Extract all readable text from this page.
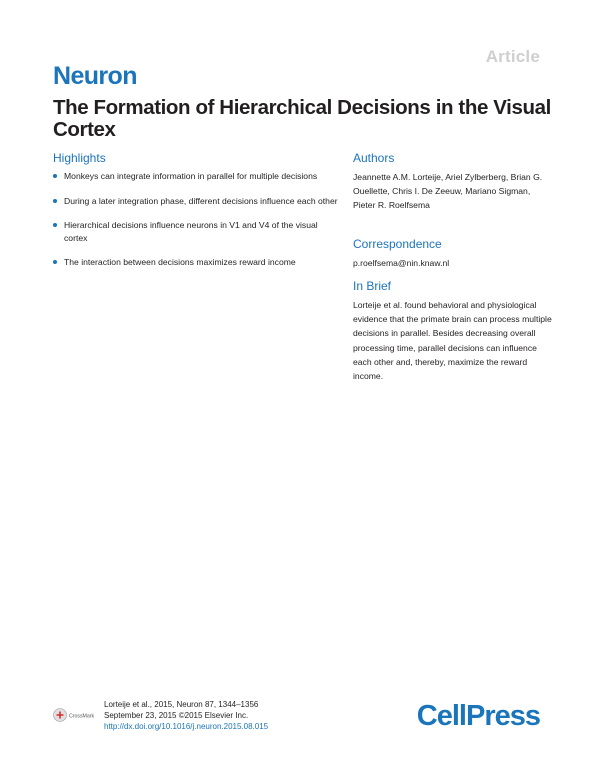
Article
Neuron
The Formation of Hierarchical Decisions in the Visual Cortex
Highlights
Monkeys can integrate information in parallel for multiple decisions
During a later integration phase, different decisions influence each other
Hierarchical decisions influence neurons in V1 and V4 of the visual cortex
The interaction between decisions maximizes reward income
Authors

Jeannette A.M. Lorteije, Ariel Zylberberg, Brian G. Ouellette, Chris I. De Zeeuw, Mariano Sigman, Pieter R. Roelfsema

Correspondence

p.roelfsema@nin.knaw.nl

In Brief

Lorteije et al. found behavioral and physiological evidence that the primate brain can process multiple decisions in parallel. Besides decreasing overall processing time, parallel decisions can influence each other and, thereby, maximize the reward income.

CrossMark
Lorteije et al., 2015, Neuron 87, 1344–1356
September 23, 2015 ©2015 Elsevier Inc.
http://dx.doi.org/10.1016/j.neuron.2015.08.015	CellPress
